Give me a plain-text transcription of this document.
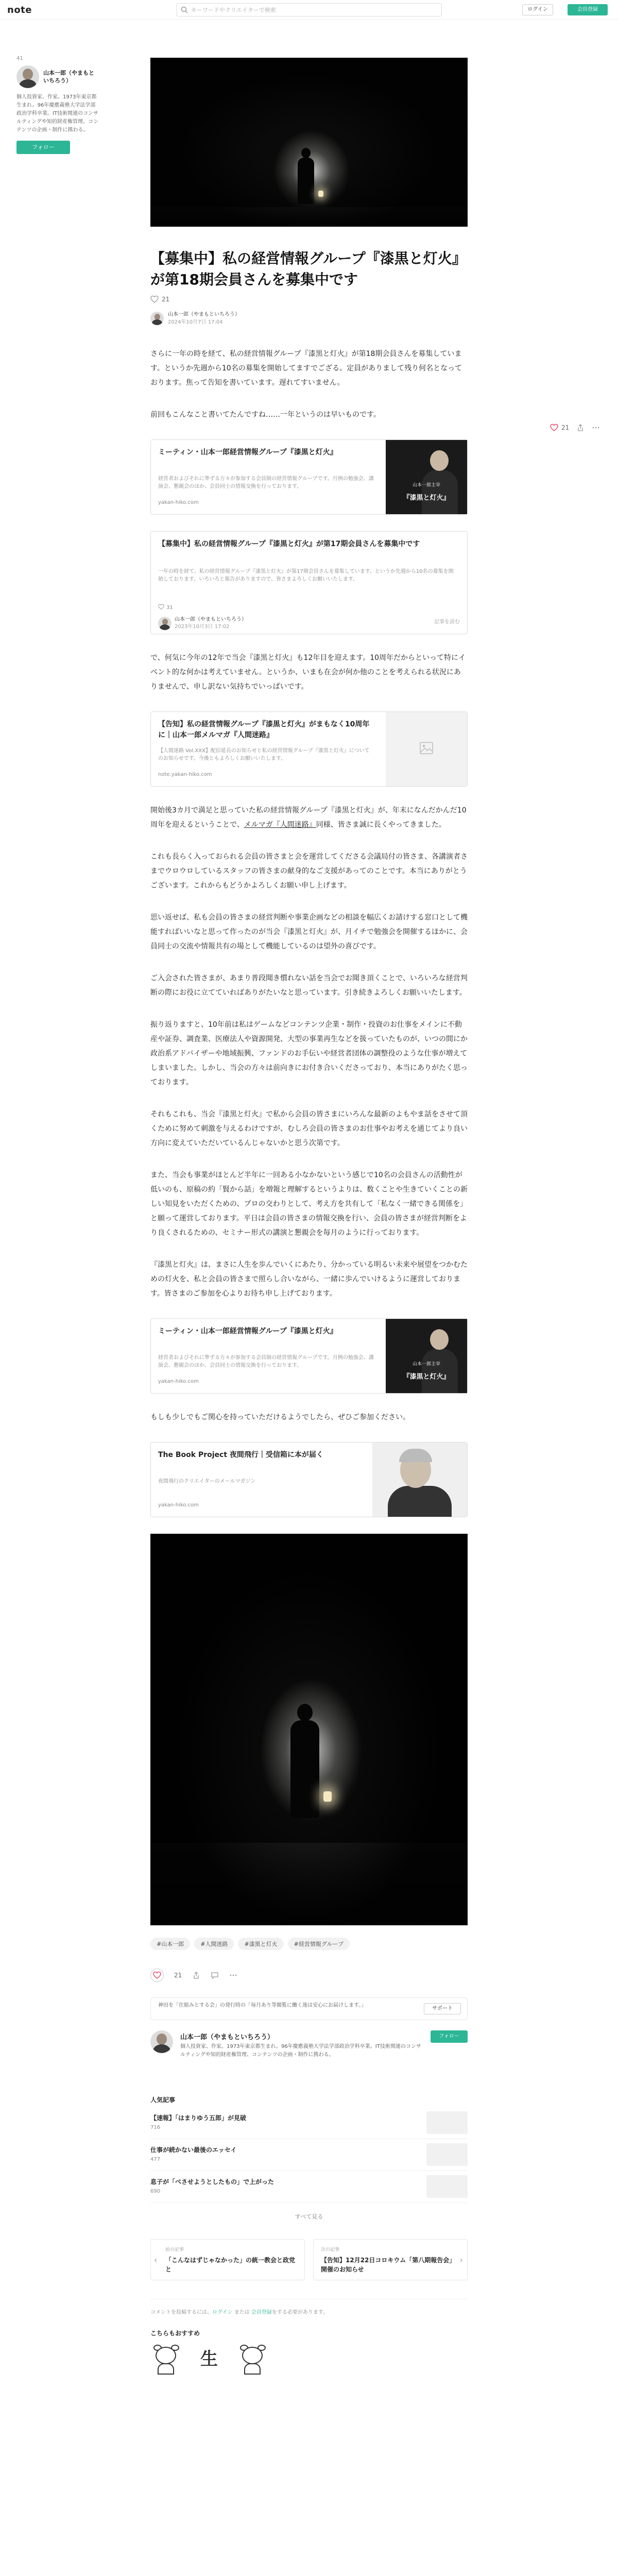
note
キーワードやクリエイターで検索	ログイン	会員登録
41
山本一郎（やまもといちろう）
個人投資家、作家。1973年東京都生まれ。96年慶應義塾大学法学部政治学科卒業。IT技術関連のコンサルティングや知的財産権管理、コンテンツの企画・制作に携わる。
フォロー
21
【募集中】私の経営情報グループ『漆黒と灯火』が第18期会員さんを募集中です
21
山本一郎（やまもといちろう）
2024年10月7日 17:04

さらに一年の時を経て、私の経営情報グループ『漆黒と灯火』が第18期会員さんを募集しています。というか先週から10名の募集を開始してますでござる。定員がありまして残り何名となっております。焦って告知を書いています。遅れてすいません。

前回もこんなこと書いてたんですね……一年というのは早いものです。

ミーティン・山本一郎経営情報グループ『漆黒と灯火』
経営者およびそれに準ずる方々が参加する会員制の経営情報グループです。月例の勉強会、講演会、懇親会のほか、会員同士の情報交換を行っております。
yakan-hiko.com
山本一郎主宰
『漆黒と灯火』
【募集中】私の経営情報グループ『漆黒と灯火』が第17期会員さんを募集中です
一年の時を経て、私の経営情報グループ『漆黒と灯火』が第17期会員さんを募集しています。というか先週から10名の募集を開始しております。いろいろと報告がありますので、皆さまよろしくお願いいたします。
31
山本一郎（やまもといちろう）
2023年10月3日 17:02
記事を読む

で、何気に今年の12年で当会『漆黒と灯火』も12年目を迎えます。10周年だからといって特にイベント的な何かは考えていません。というか、いまも在会が何か他のことを考えられる状況にありませんで、申し訳ない気持ちでいっぱいです。

【告知】私の経営情報グループ『漆黒と灯火』がまもなく10周年に｜山本一郎メルマガ『人間迷路』
【人間迷路 Vol.XXX】配信延長のお知らせと私の経営情報グループ『漆黒と灯火』についてのお知らせです。今後ともよろしくお願いいたします。
note.yakan-hiko.com

開始後3カ月で満足と思っていた私の経営情報グループ『漆黒と灯火』が、年末になんだかんだ10周年を迎えるということで、メルマガ『人間迷路』同様、皆さま誠に長くやってきました。

これも長らく入っておられる会員の皆さまと会を運営してくださる会議局付の皆さま、各講演者さまでウロウロしているスタッフの皆さまの献身的なご支援があってのことです。本当にありがとうございます。これからもどうかよろしくお願い申し上げます。

思い返せば、私も会員の皆さまの経営判断や事業企画などの相談を幅広くお請けする窓口として機能すればいいなと思って作ったのが当会『漆黒と灯火』が、月イチで勉強会を開催するほかに、会員同士の交流や情報共有の場として機能しているのは望外の喜びです。

ご入会された皆さまが、あまり普段聞き慣れない話を当会でお聞き頂くことで、いろいろな経営判断の際にお役に立てていればありがたいなと思っています。引き続きよろしくお願いいたします。

振り返りますと、10年前は私はゲームなどコンテンツ企業・制作・投資のお仕事をメインに不動産や証券、調査業、医療法人や資源開発、大型の事業再生などを扱っていたものが、いつの間にか政治系アドバイザーや地域振興、ファンドのお手伝いや経営者団体の調整役のような仕事が増えてしまいました。しかし、当会の方々は前向きにお付き合いくださっており、本当にありがたく思っております。

それもこれも、当会『漆黒と灯火』で私から会員の皆さまにいろんな最新のよもやま話をさせて頂くために努めて刺激を与えるわけですが、むしろ会員の皆さまのお仕事やお考えを通じてより良い方向に変えていただいているんじゃないかと思う次第です。

また、当会も事業がほとんど半年に一回ある小なかないという感じで10名の会員さんの活動性が低いのも、原稿の約「賢から話」を増報と理解するというよりは、数くことや生きていくことの新しい知見をいただくための、プロの交わりとして、考え方を共有して「私なく一緒できる関係を」と願って運営しております。平日は会員の皆さまの情報交換を行い、会員の皆さまが経営判断をより良くされるための、セミナー形式の講演と懇親会を毎月のように行っております。

『漆黒と灯火』は、まさに人生を歩んでいくにあたり、分かっている明るい未来や展望をつかむための灯火を、私と会員の皆さまで照らし合いながら、一緒に歩んでいけるように運営しております。皆さまのご参加を心よりお待ち申し上げております。

ミーティン・山本一郎経営情報グループ『漆黒と灯火』
経営者およびそれに準ずる方々が参加する会員制の経営情報グループです。月例の勉強会、講演会、懇親会のほか、会員同士の情報交換を行っております。
yakan-hiko.com
山本一郎主宰
『漆黒と灯火』

もしも少しでもご関心を持っていただけるようでしたら、ぜひご参加ください。

The Book Project 夜間飛行｜受信箱に本が届く
夜間飛行のクリエイターのメールマガジン
yakan-hiko.com
#山本一郎	#人間迷路	#漆黒と灯火	#経営情報グループ
21
神田を「仕組みとする会」の発行時の「毎月あり等閲覧に働く迷は安心にお届けします。」
サポート
山本一郎（やまもといちろう）
個人投資家、作家。1973年東京都生まれ。96年慶應義塾大学法学部政治学科卒業。IT技術関連のコンサルティングや知的財産権管理、コンテンツの企画・制作に携わる。
フォロー
人気記事
【速報】「はまりゆう五郎」が見破
716
仕事が続かない最後のエッセイ
477
息子が「べさせようとしたもの」で上がった
690
すべて見る
‹
前の記事
「こんなはずじゃなかった」の統一教会と政党と
›
次の記事
【告知】12月22日コロキウム「第八期報告会」開催のお知らせ
コメントを投稿するには、ログイン または 会員登録をする必要があります。
こちらもおすすめ
生
